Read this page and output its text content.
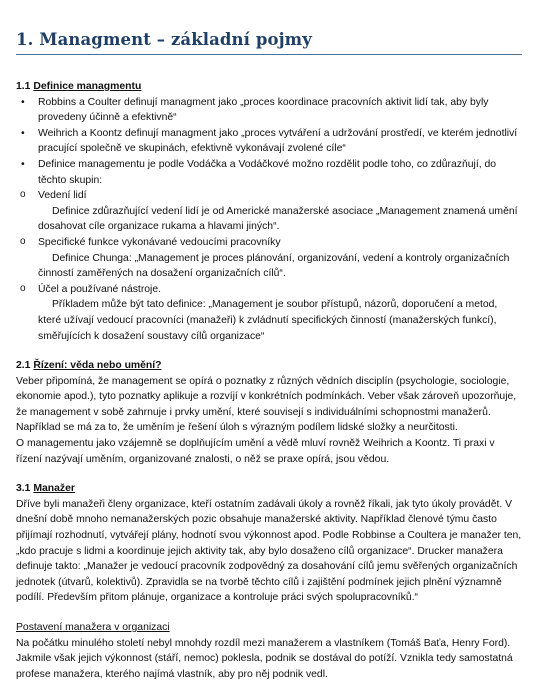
1. Managment – základní pojmy
1.1 Definice managmentu
• Robbins a Coulter definují managment jako „proces koordinace pracovních aktivit lidí tak, aby byly provedeny účinně a efektivně“
• Weihrich a Koontz definují managment jako „proces vytváření a udržování prostředí, ve kterém jednotliví pracující společně ve skupinách, efektivně vykonávají zvolené cíle“
• Definice managementu je podle Vodáčka a Vodáčkové možno rozdělit podle toho, co zdůrazňují, do těchto skupin:
o Vedení lidí
Definice zdůrazňující vedení lidí je od Americké manažerské asociace „Management znamená umění dosahovat cíle organizace rukama a hlavami jiných“.
o Specifické funkce vykonávané vedoucími pracovníky
Definice Chunga: „Management je proces plánování, organizování, vedení a kontroly organizačních činností zaměřených na dosažení organizačních cílů“.
o Účel a používané nástroje.
Příkladem může být tato definice: „Management je soubor přístupů, názorů, doporučení a metod, které užívají vedoucí pracovníci (manažeři) k zvládnutí specifických činností (manažerských funkcí), směřujících k dosažení soustavy cílů organizace“
2.1 Řízení: věda nebo umění?

Veber připomíná, že management se opírá o poznatky z různých vědních disciplín (psychologie, sociologie, ekonomie apod.), tyto poznatky aplikuje a rozvíjí v konkrétních podmínkách. Veber však zároveň upozorňuje, že management v sobě zahrnuje i prvky umění, které souvisejí s individuálními schopnostmi manažerů. Například se má za to, že uměním je řešení úloh s výrazným podílem lidské složky a neurčitosti.

O managementu jako vzájemně se doplňujícím umění a vědě mluví rovněž Weihrich a Koontz. Ti praxi v řízení nazývají uměním, organizované znalosti, o něž se praxe opírá, jsou vědou.

3.1 Manažer

Dříve byli manažeři členy organizace, kteří ostatním zadávali úkoly a rovněž říkali, jak tyto úkoly provádět. V dnešní době mnoho nemanažerských pozic obsahuje manažerské aktivity. Například členové týmu často přijímají rozhodnutí, vytvářejí plány, hodnotí svou výkonnost apod. Podle Robbinse a Coultera je manažer ten, „kdo pracuje s lidmi a koordinuje jejich aktivity tak, aby bylo dosaženo cílů organizace“. Drucker manažera definuje takto: „Manažer je vedoucí pracovník zodpovědný za dosahování cílů jemu svěřených organizačních jednotek (útvarů, kolektivů). Zpravidla se na tvorbě těchto cílů i zajištění podmínek jejich plnění významně podílí. Především přitom plánuje, organizace a kontroluje práci svých spolupracovníků.“

Postavení manažera v organizaci

Na počátku minulého století nebyl mnohdy rozdíl mezi manažerem a vlastníkem (Tomáš Baťa, Henry Ford). Jakmile však jejich výkonnost (stáří, nemoc) poklesla, podnik se dostával do potíží. Vznikla tedy samostatná profese manažera, kterého najímá vlastník, aby pro něj podnik vedl.
